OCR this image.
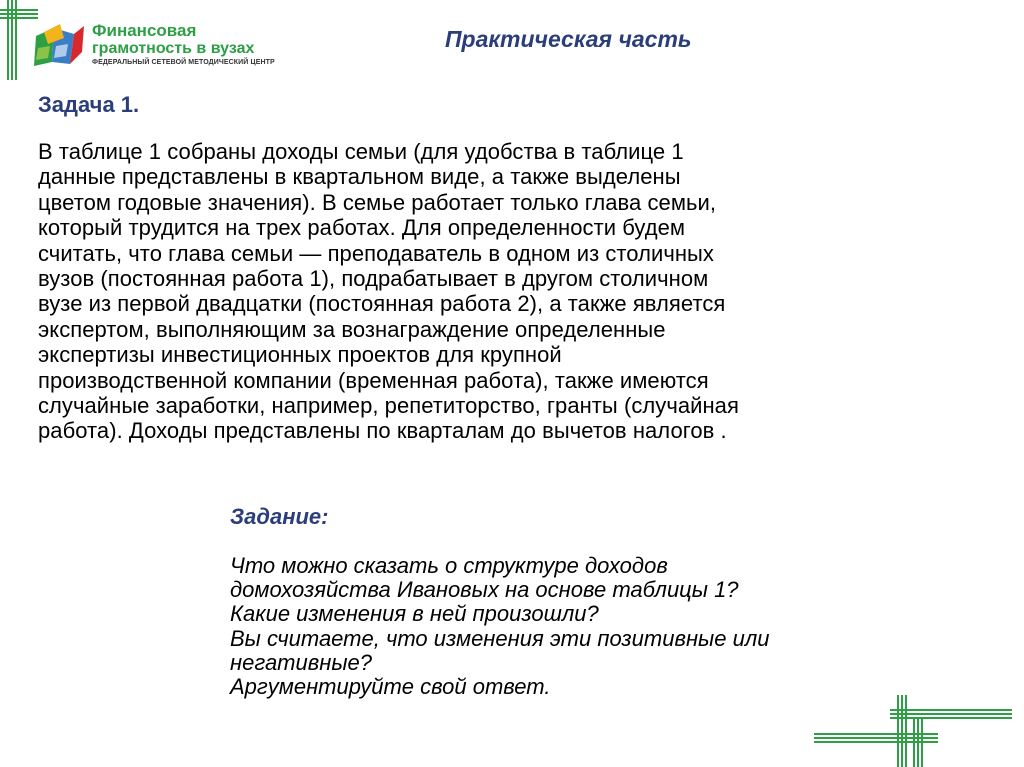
Финансовая
грамотность в вузах
ФЕДЕРАЛЬНЫЙ СЕТЕВОЙ МЕТОДИЧЕСКИЙ ЦЕНТР
Практическая часть
Задача 1.

В таблице 1 собраны доходы семьи (для удобства в таблице 1
данные представлены в квартальном виде, а также выделены
цветом годовые значения). В семье работает только глава семьи,
который трудится на трех работах. Для определенности будем
считать, что глава семьи — преподаватель в одном из столичных
вузов (постоянная работа 1), подрабатывает в другом столичном
вузе из первой двадцатки (постоянная работа 2), а также является
экспертом, выполняющим за вознаграждение определенные
экспертизы инвестиционных проектов для крупной
производственной компании (временная работа), также имеются
случайные заработки, например, репетиторство, гранты (случайная
работа). Доходы представлены по кварталам до вычетов налогов .

Задание:

Что можно сказать о структуре доходов
домохозяйства Ивановых на основе таблицы 1?
Какие изменения в ней произошли?
Вы считаете, что изменения эти позитивные или
негативные?
Аргументируйте свой ответ.
